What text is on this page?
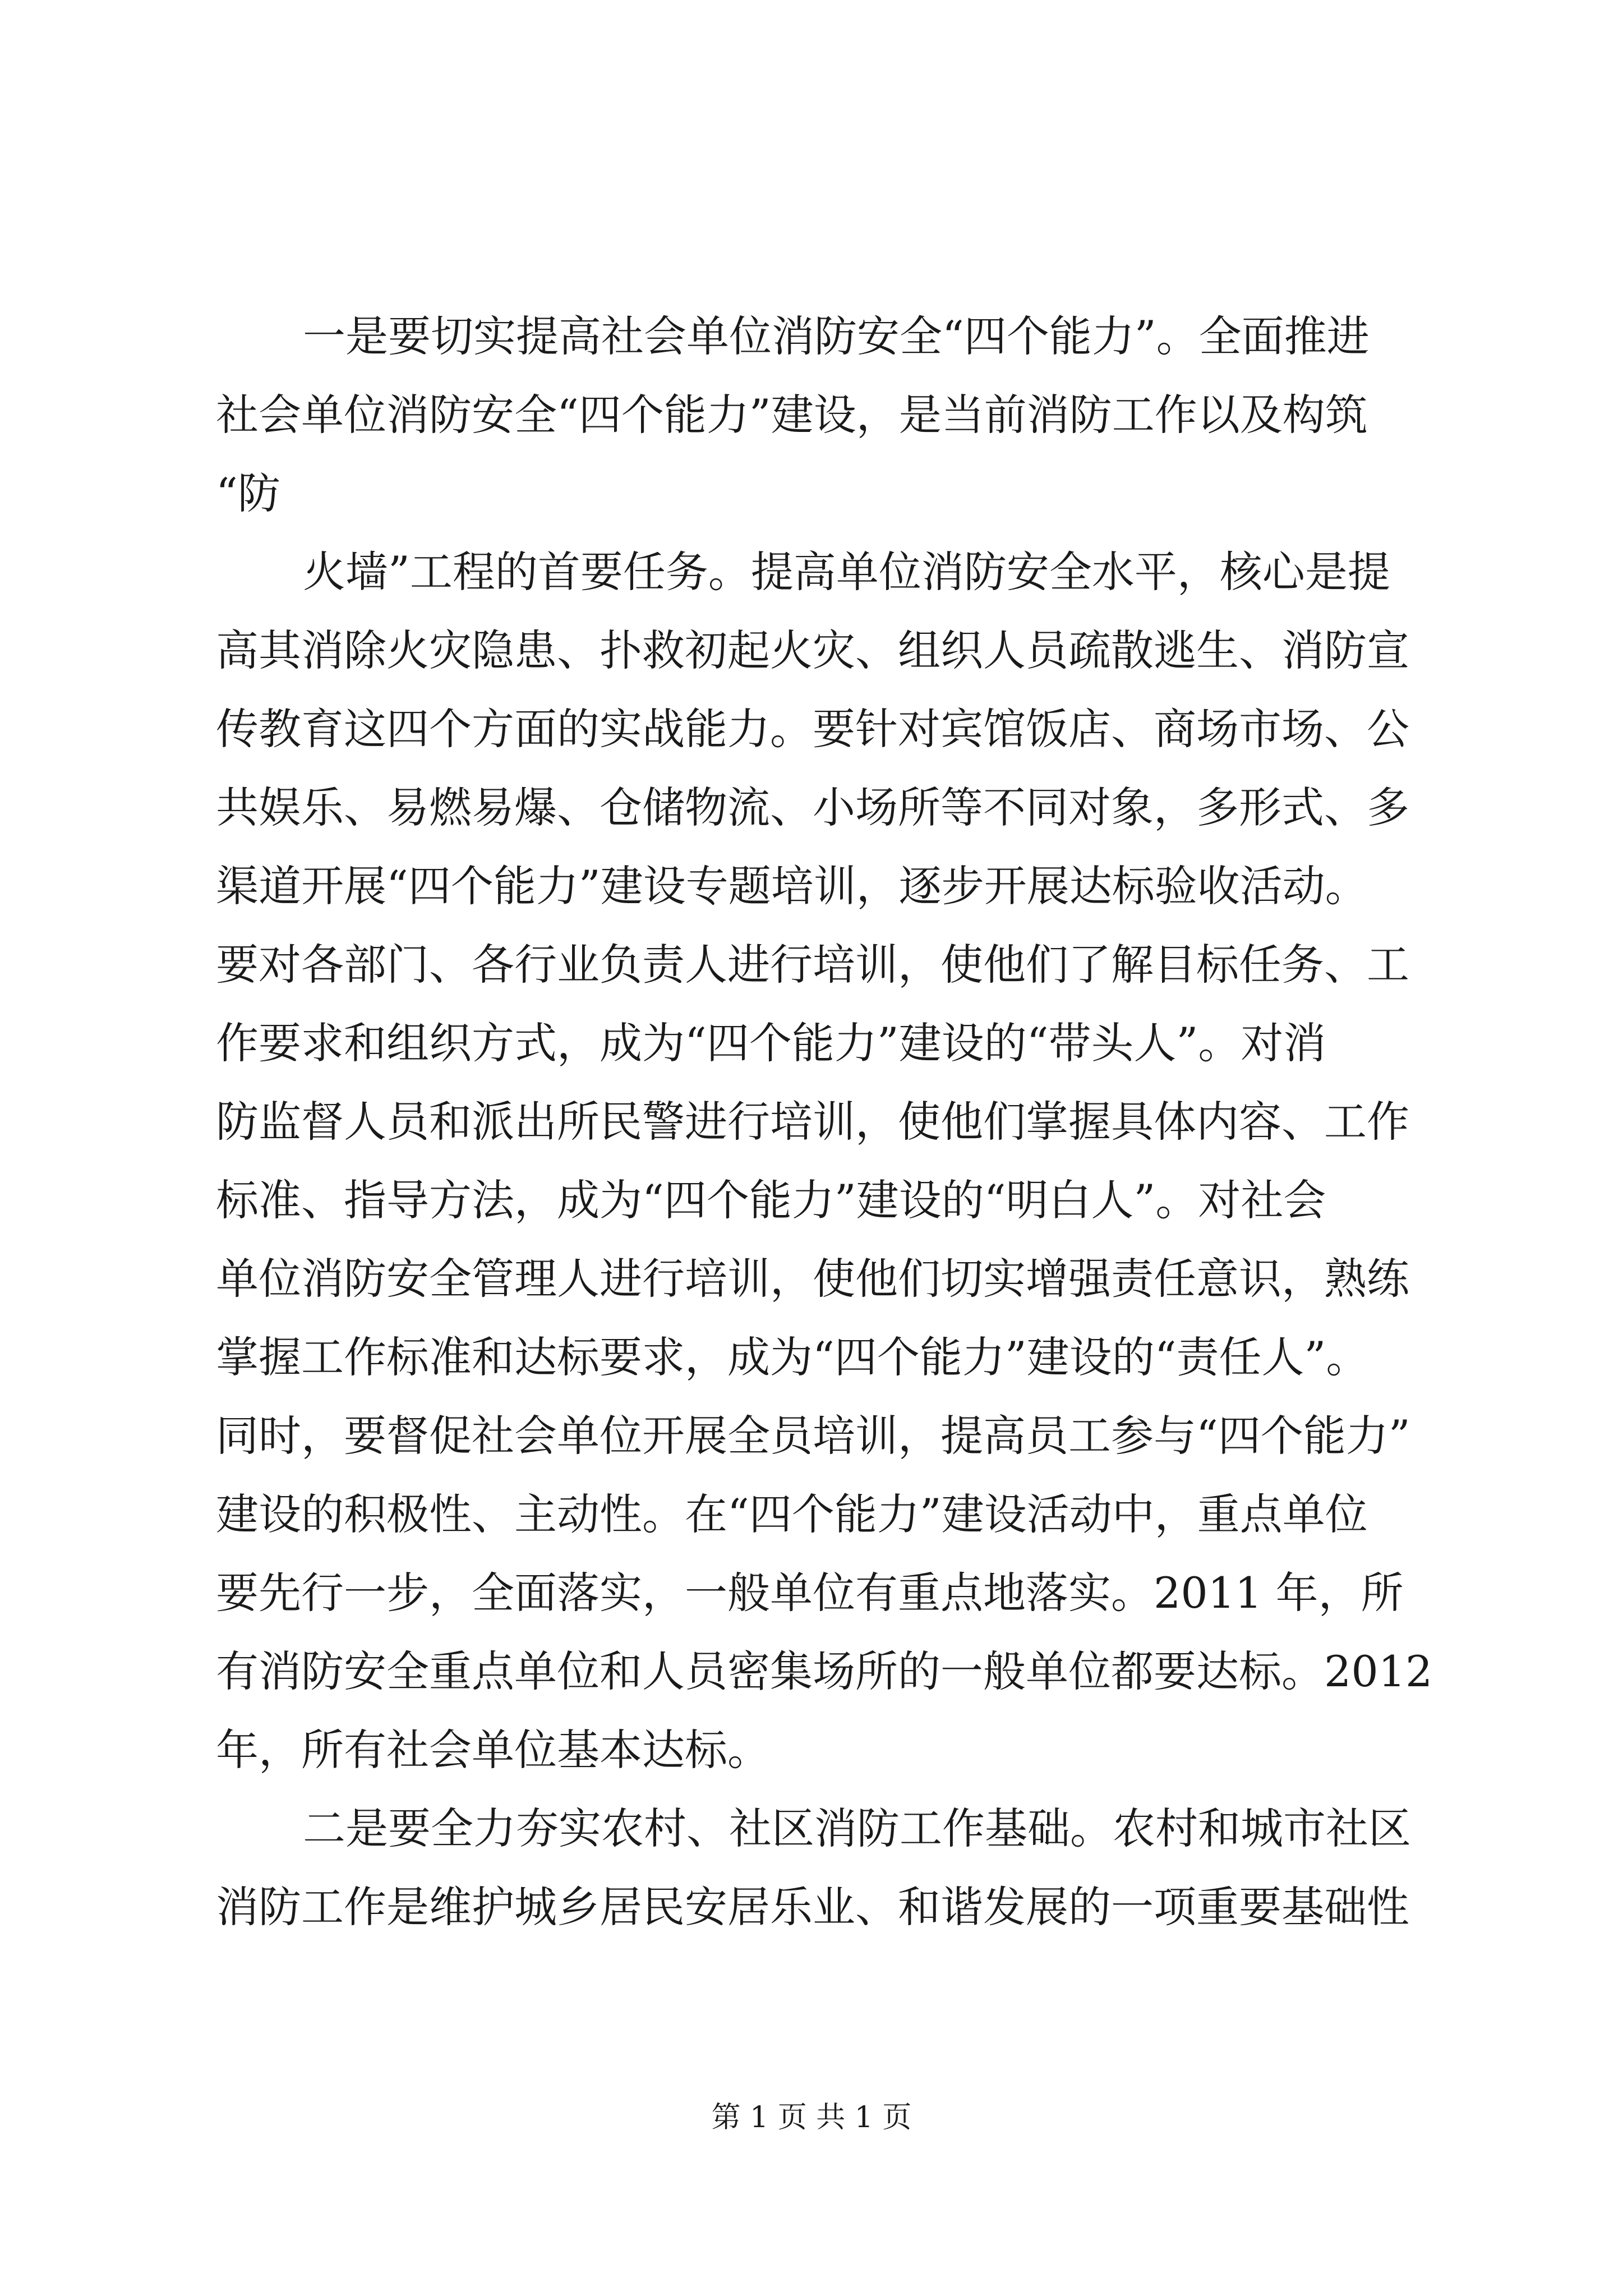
一是要切实提高社会单位消防安全“四个能力”。全面推进
社会单位消防安全“四个能力”建设，是当前消防工作以及构筑
“防
火墙”工程的首要任务。提高单位消防安全水平，核心是提
高其消除火灾隐患、扑救初起火灾、组织人员疏散逃生、消防宣
传教育这四个方面的实战能力。要针对宾馆饭店、商场市场、公
共娱乐、易燃易爆、仓储物流、小场所等不同对象，多形式、多
渠道开展“四个能力”建设专题培训，逐步开展达标验收活动。
要对各部门、各行业负责人进行培训，使他们了解目标任务、工
作要求和组织方式，成为“四个能力”建设的“带头人”。对消
防监督人员和派出所民警进行培训，使他们掌握具体内容、工作
标准、指导方法，成为“四个能力”建设的“明白人”。对社会
单位消防安全管理人进行培训，使他们切实增强责任意识，熟练
掌握工作标准和达标要求，成为“四个能力”建设的“责任人”。
同时，要督促社会单位开展全员培训，提高员工参与“四个能力”
建设的积极性、主动性。在“四个能力”建设活动中，重点单位
要先行一步，全面落实，一般单位有重点地落实。2011 年，所
有消防安全重点单位和人员密集场所的一般单位都要达标。2012
年，所有社会单位基本达标。
二是要全力夯实农村、社区消防工作基础。农村和城市社区
消防工作是维护城乡居民安居乐业、和谐发展的一项重要基础性
第 1 页 共 1 页
